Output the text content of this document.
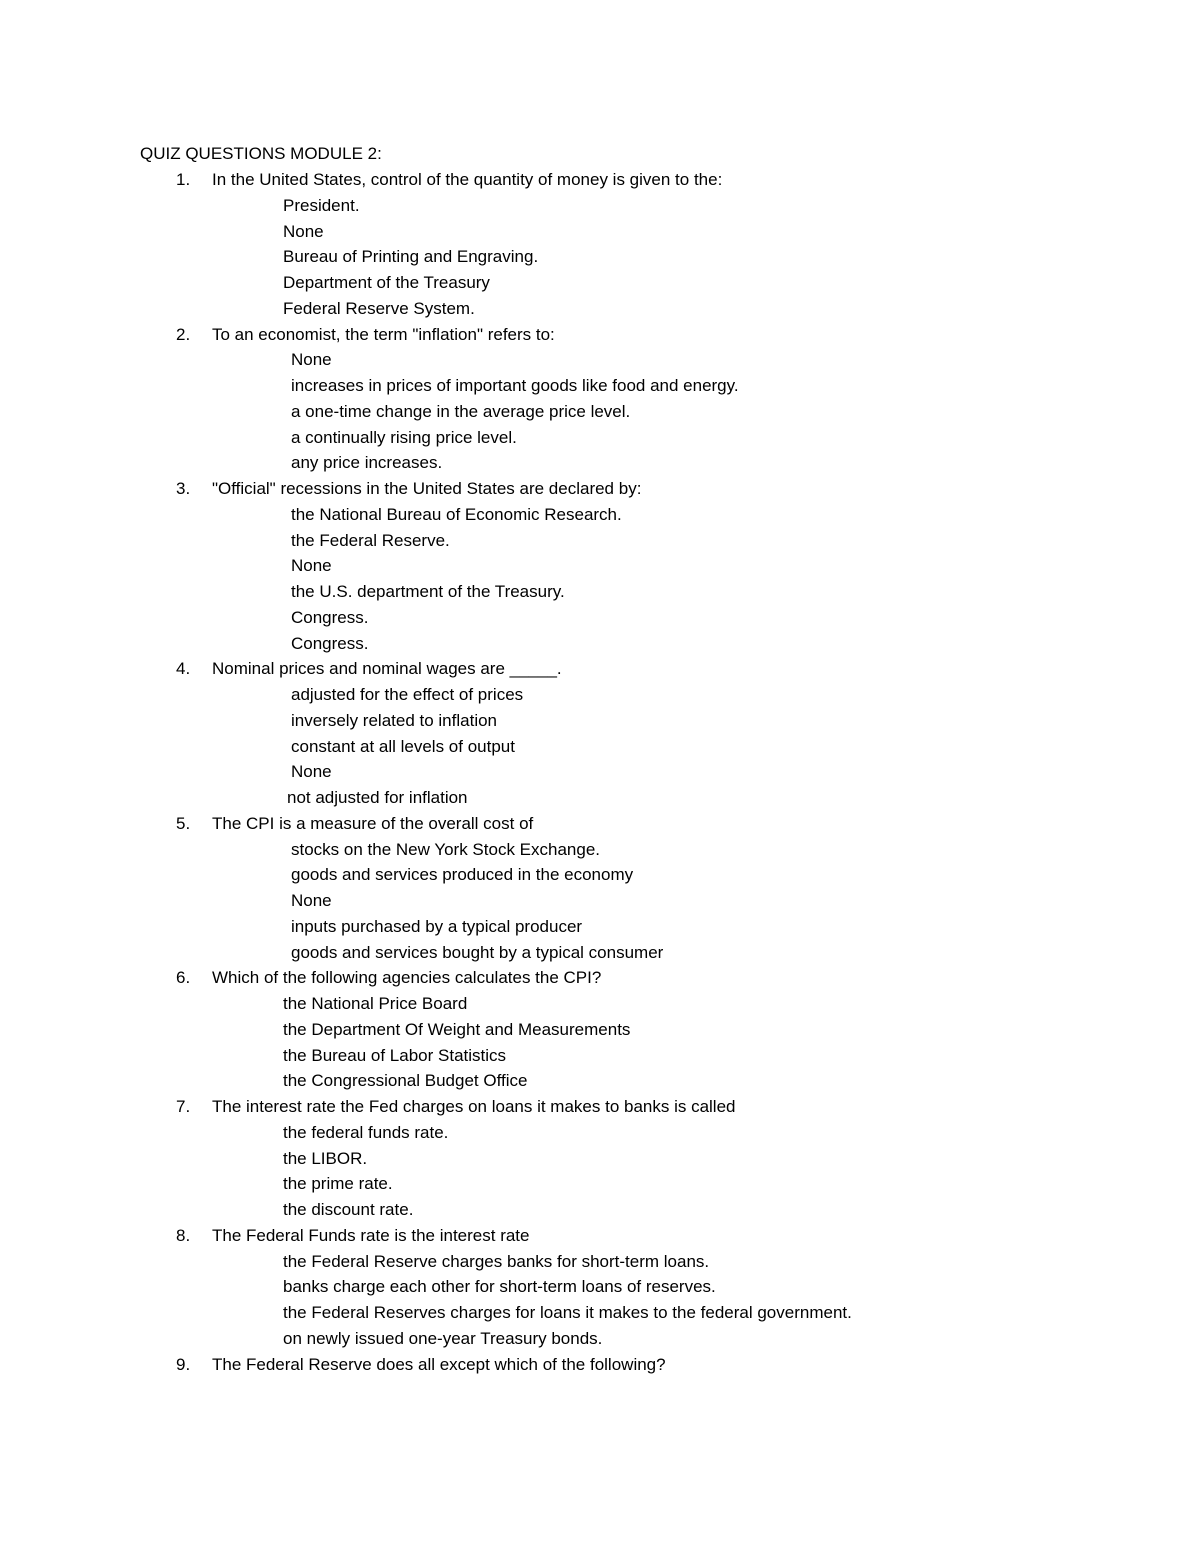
QUIZ QUESTIONS MODULE 2:
1. In the United States, control of the quantity of money is given to the:
President.
None
Bureau of Printing and Engraving.
Department of the Treasury
Federal Reserve System.
2. To an economist, the term "inflation" refers to:
None
increases in prices of important goods like food and energy.
a one-time change in the average price level.
a continually rising price level.
any price increases.
3. "Official" recessions in the United States are declared by:
the National Bureau of Economic Research.
the Federal Reserve.
None
the U.S. department of the Treasury.
Congress.
Congress.
4. Nominal prices and nominal wages are _____.
adjusted for the effect of prices
inversely related to inflation
constant at all levels of output
None
not adjusted for inflation
5. The CPI is a measure of the overall cost of
stocks on the New York Stock Exchange.
goods and services produced in the economy
None
inputs purchased by a typical producer
goods and services bought by a typical consumer
6. Which of the following agencies calculates the CPI?
the National Price Board
the Department Of Weight and Measurements
the Bureau of Labor Statistics
the Congressional Budget Office
7. The interest rate the Fed charges on loans it makes to banks is called
the federal funds rate.
the LIBOR.
the prime rate.
the discount rate.
8. The Federal Funds rate is the interest rate
the Federal Reserve charges banks for short-term loans.
banks charge each other for short-term loans of reserves.
the Federal Reserves charges for loans it makes to the federal government.
on newly issued one-year Treasury bonds.
9. The Federal Reserve does all except which of the following?
